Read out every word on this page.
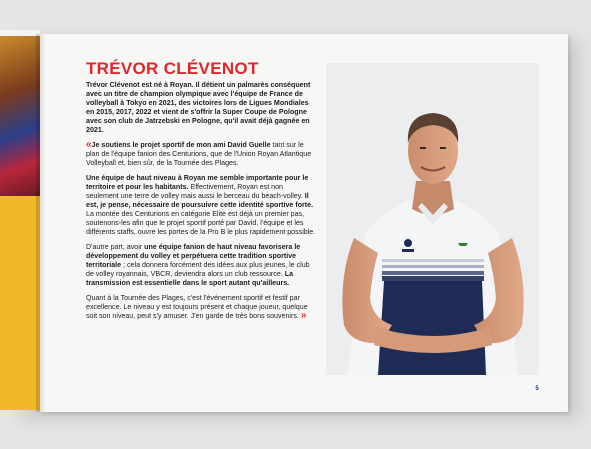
TRÉVOR CLÉVENOT
Trévor Clévenot est né à Royan. Il détient un palmarès conséquent avec un titre de champion olympique avec l'équipe de France de volleyball à Tokyo en 2021, des victoires lors de Ligues Mondiales en 2015, 2017, 2022 et vient de s'offrir la Super Coupe de Pologne avec son club de Jatrzebski en Pologne, qu'il avait déjà gagnée en 2021.
« Je soutiens le projet sportif de mon ami David Guelle tant sur le plan de l'équipe fanion des Centurions, que de l'Union Royan Atlantique Volleyball et, bien sûr, de la Tournée des Plages.
Une équipe de haut niveau à Royan me semble importante pour le territoire et pour les habitants. Effectivement, Royan est non seulement une terre de volley mais aussi le berceau du beach-volley. Il est, je pense, nécessaire de poursuivre cette identité sportive forte. La montée des Centurions en catégorie Elite est déjà un premier pas, soutenons-les afin que le projet sportif porté par David, l'équipe et les différents staffs, ouvre les portes de la Pro B le plus rapidement possible.
D'autre part, avoir une équipe fanion de haut niveau favorisera le développement du volley et perpétuera cette tradition sportive territoriale ; cela donnera forcément des idées aux plus jeunes, le club de volley royannais, VBCR, deviendra alors un club ressource. La transmission est essentielle dans le sport autant qu'ailleurs.
Quant à la Tournée des Plages, c'est l'événement sportif et festif par excellence. Le niveau y est toujours présent et chaque joueur, quelque soit son niveau, peut s'y amuser. J'en garde de très bons souvenirs. »
5
